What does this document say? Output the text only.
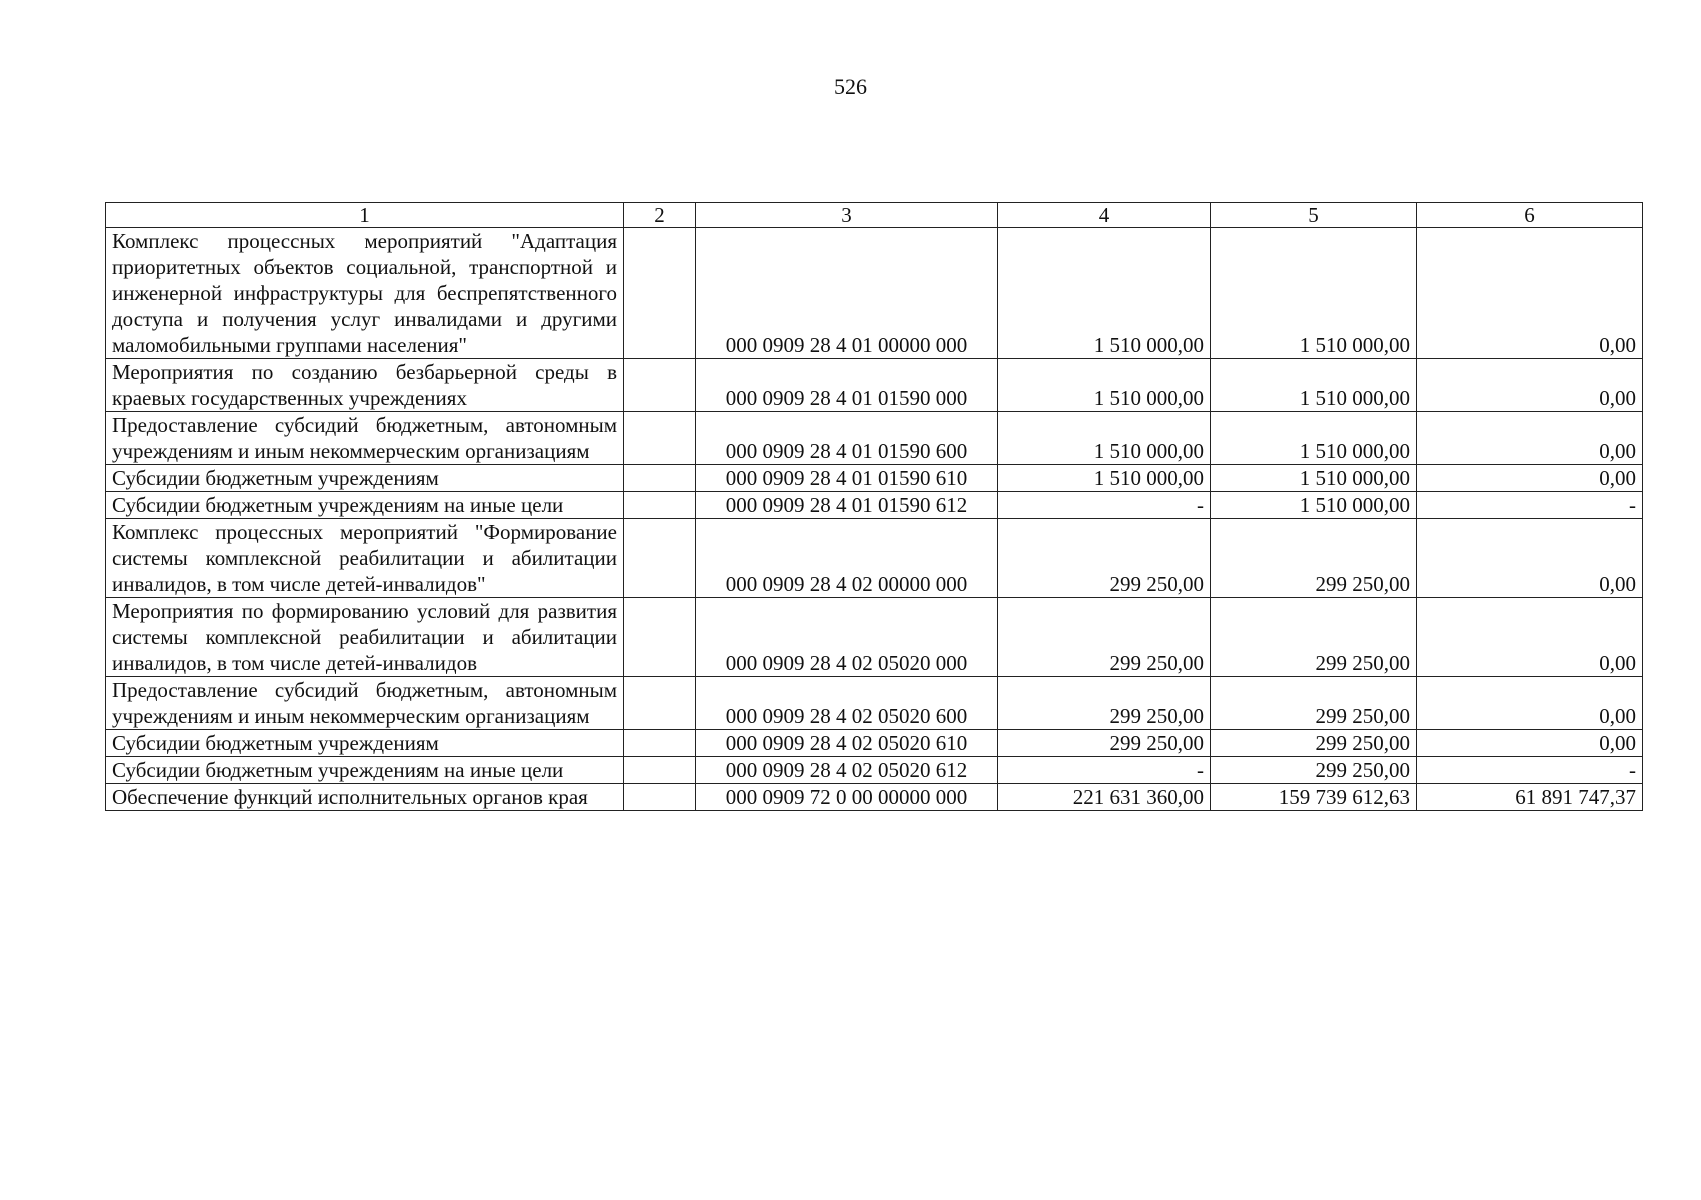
526
1	2	3	4	5	6
Комплекс процессных мероприятий "Адаптация приоритетных объектов социальной, транспортной и инженерной инфраструктуры для беспрепятственного доступа и получения услуг инвалидами и другими маломобильными группами населения"		000 0909 28 4 01 00000 000	1 510 000,00	1 510 000,00	0,00
Мероприятия по созданию безбарьерной среды в краевых государственных учреждениях		000 0909 28 4 01 01590 000	1 510 000,00	1 510 000,00	0,00
Предоставление субсидий бюджетным, автономным учреждениям и иным некоммерческим организациям		000 0909 28 4 01 01590 600	1 510 000,00	1 510 000,00	0,00
Субсидии бюджетным учреждениям		000 0909 28 4 01 01590 610	1 510 000,00	1 510 000,00	0,00
Субсидии бюджетным учреждениям на иные цели		000 0909 28 4 01 01590 612	-	1 510 000,00	-
Комплекс процессных мероприятий "Формирование системы комплексной реабилитации и абилитации инвалидов, в том числе детей-инвалидов"		000 0909 28 4 02 00000 000	299 250,00	299 250,00	0,00
Мероприятия по формированию условий для развития системы комплексной реабилитации и абилитации инвалидов, в том числе детей-инвалидов		000 0909 28 4 02 05020 000	299 250,00	299 250,00	0,00
Предоставление субсидий бюджетным, автономным учреждениям и иным некоммерческим организациям		000 0909 28 4 02 05020 600	299 250,00	299 250,00	0,00
Субсидии бюджетным учреждениям		000 0909 28 4 02 05020 610	299 250,00	299 250,00	0,00
Субсидии бюджетным учреждениям на иные цели		000 0909 28 4 02 05020 612	-	299 250,00	-
Обеспечение функций исполнительных органов края		000 0909 72 0 00 00000 000	221 631 360,00	159 739 612,63	61 891 747,37
